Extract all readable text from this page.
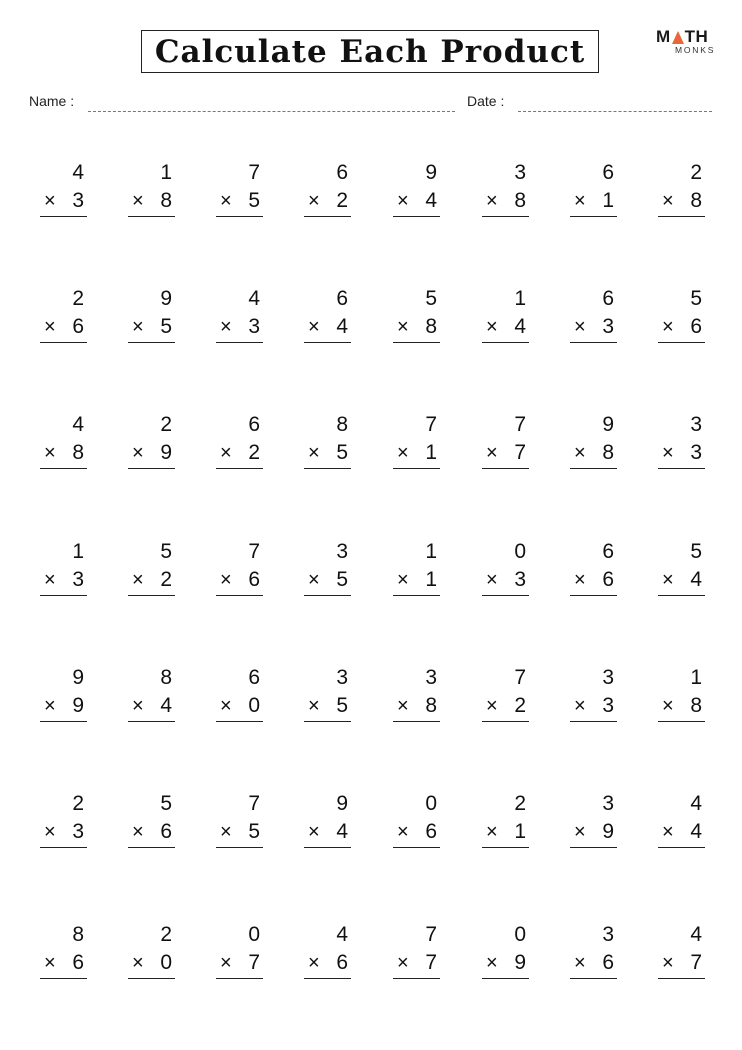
Calculate Each Product	M TH
MONKS
Name :	Date :
4
× 3
1
× 8
7
× 5
6
× 2
9
× 4
3
× 8
6
× 1
2
× 8
2
× 6
9
× 5
4
× 3
6
× 4
5
× 8
1
× 4
6
× 3
5
× 6
4
× 8
2
× 9
6
× 2
8
× 5
7
× 1
7
× 7
9
× 8
3
× 3
1
× 3
5
× 2
7
× 6
3
× 5
1
× 1
0
× 3
6
× 6
5
× 4
9
× 9
8
× 4
6
× 0
3
× 5
3
× 8
7
× 2
3
× 3
1
× 8
2
× 3
5
× 6
7
× 5
9
× 4
0
× 6
2
× 1
3
× 9
4
× 4
8
× 6
2
× 0
0
× 7
4
× 6
7
× 7
0
× 9
3
× 6
4
× 7
